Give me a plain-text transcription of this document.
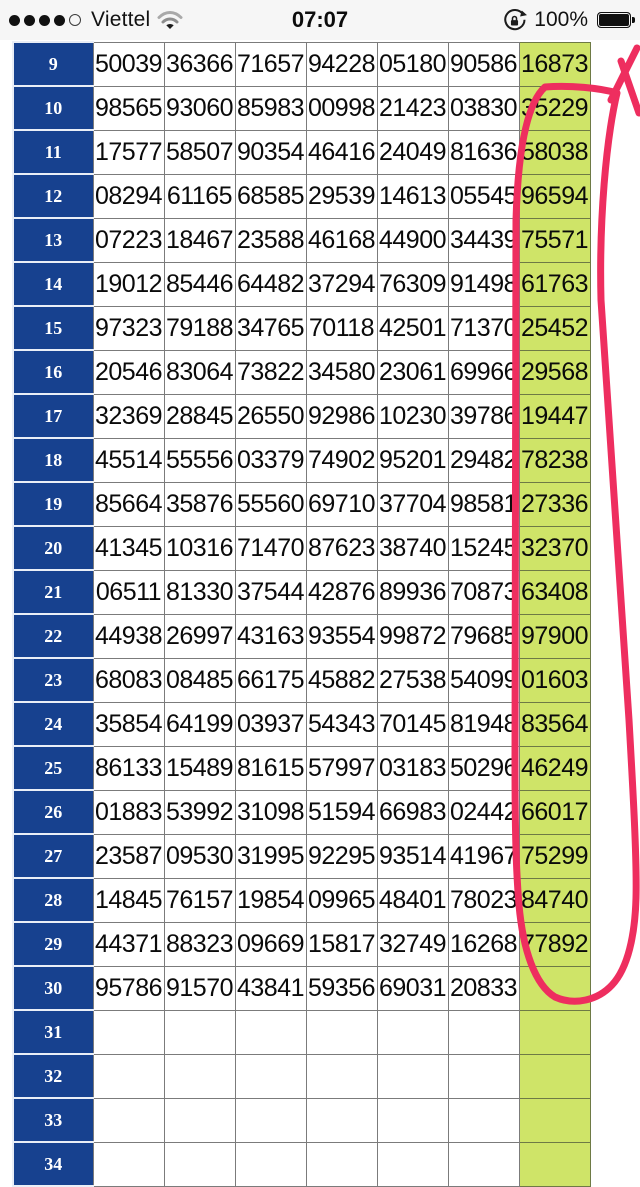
Viettel	07:07	100%
9	50039	36366	71657	94228	05180	90586	16873
10	98565	93060	85983	00998	21423	03830	35229
11	17577	58507	90354	46416	24049	81636	58038
12	08294	61165	68585	29539	14613	05545	96594
13	07223	18467	23588	46168	44900	34439	75571
14	19012	85446	64482	37294	76309	91498	61763
15	97323	79188	34765	70118	42501	71370	25452
16	20546	83064	73822	34580	23061	69966	29568
17	32369	28845	26550	92986	10230	39786	19447
18	45514	55556	03379	74902	95201	29482	78238
19	85664	35876	55560	69710	37704	98581	27336
20	41345	10316	71470	87623	38740	15245	32370
21	06511	81330	37544	42876	89936	70873	63408
22	44938	26997	43163	93554	99872	79685	97900
23	68083	08485	66175	45882	27538	54099	01603
24	35854	64199	03937	54343	70145	81948	83564
25	86133	15489	81615	57997	03183	50296	46249
26	01883	53992	31098	51594	66983	02442	66017
27	23587	09530	31995	92295	93514	41967	75299
28	14845	76157	19854	09965	48401	78023	84740
29	44371	88323	09669	15817	32749	16268	77892
30	95786	91570	43841	59356	69031	20833	
31							
32							
33							
34							
